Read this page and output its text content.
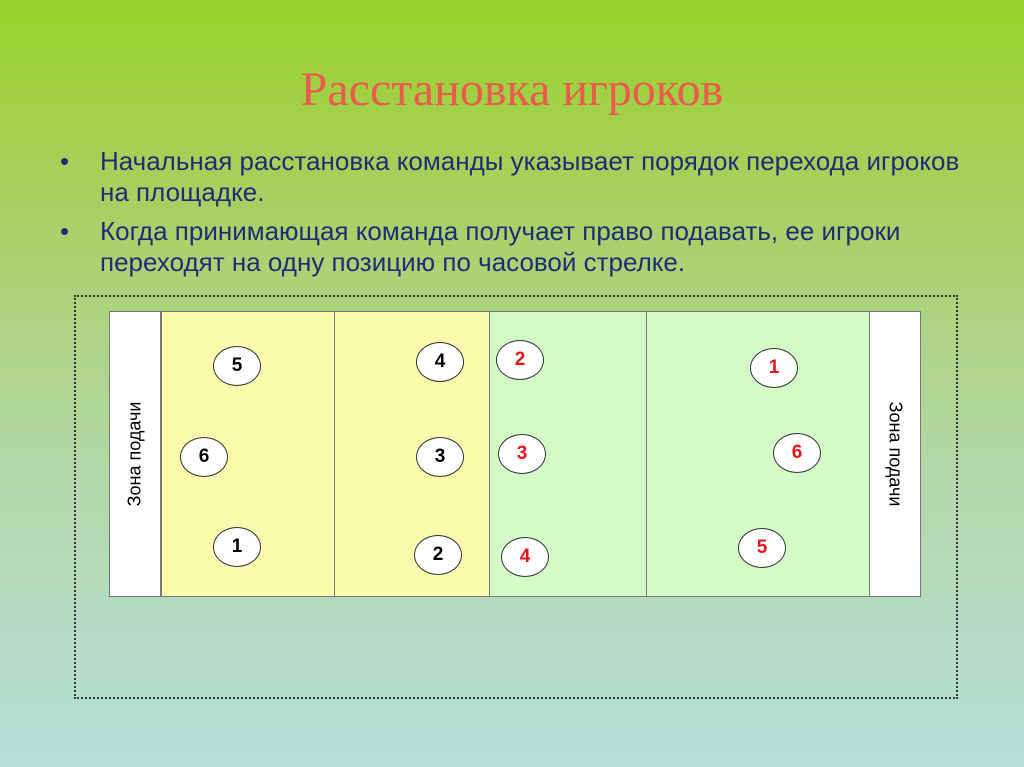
Расстановка игроков
• Начальная расстановка команды указывает порядок перехода игроков на площадке.
• Когда принимающая команда получает право подавать, ее игроки переходят на одну позицию по часовой стрелке.
Зона подачи	Зона подачи
5
6
1
4
3
2
2
3
4
1
6
5
